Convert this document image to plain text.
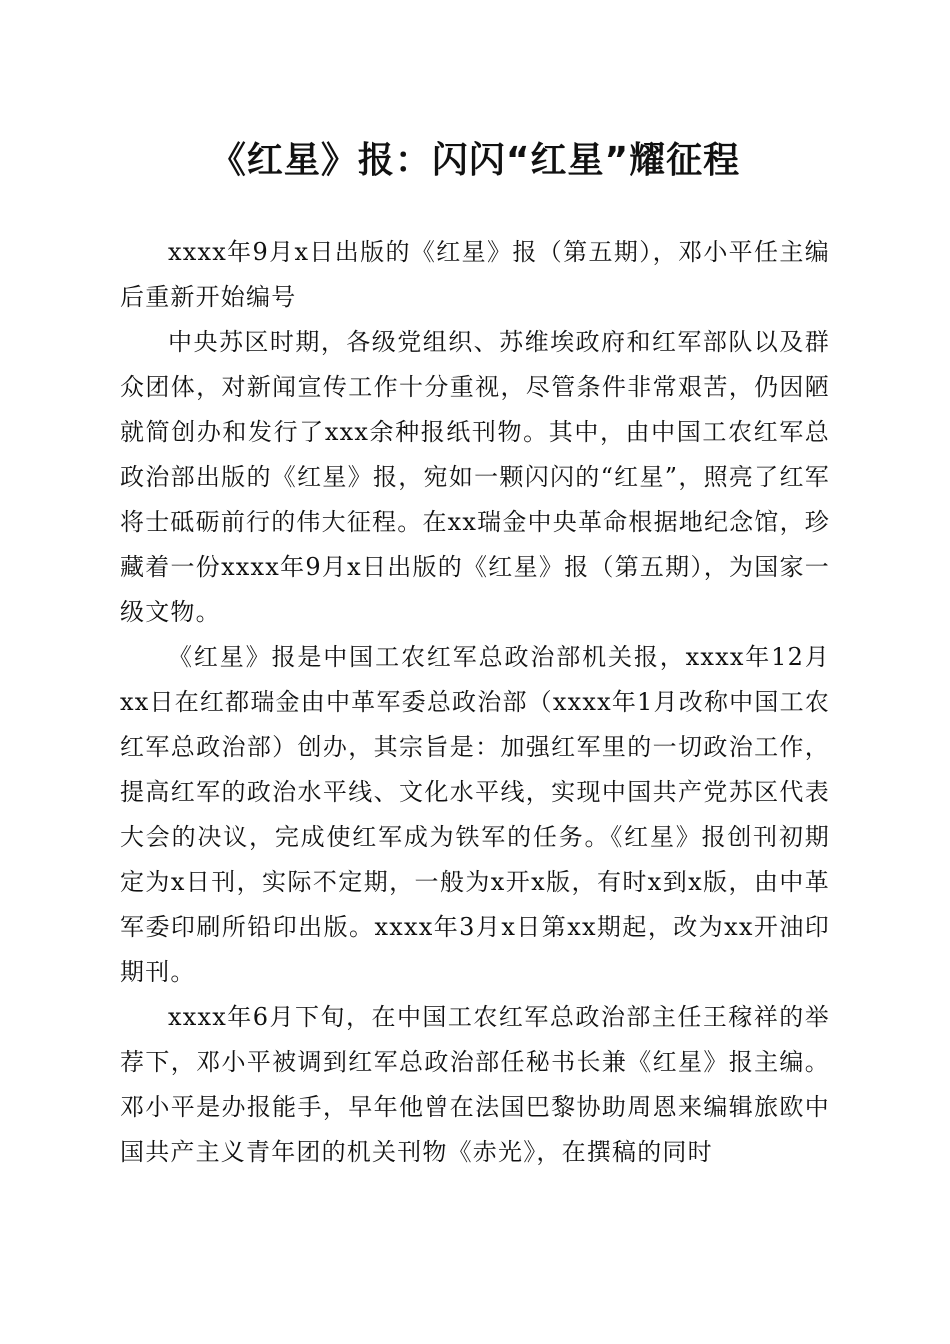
《红星》报：闪闪“红星”耀征程

xxxx年9月x日出版的《红星》报（第五期），邓小平任主编后重新开始编号

中央苏区时期，各级党组织、苏维埃政府和红军部队以及群众团体，对新闻宣传工作十分重视，尽管条件非常艰苦，仍因陋就简创办和发行了xxx余种报纸刊物。其中，由中国工农红军总政治部出版的《红星》报，宛如一颗闪闪的“红星”，照亮了红军将士砥砺前行的伟大征程。在xx瑞金中央革命根据地纪念馆，珍藏着一份xxxx年9月x日出版的《红星》报（第五期），为国家一级文物。

《红星》报是中国工农红军总政治部机关报，xxxx年12月xx日在红都瑞金由中革军委总政治部（xxxx年1月改称中国工农红军总政治部）创办，其宗旨是：加强红军里的一切政治工作，提高红军的政治水平线、文化水平线，实现中国共产党苏区代表大会的决议，完成使红军成为铁军的任务。《红星》报创刊初期定为x日刊，实际不定期，一般为x开x版，有时x到x版，由中革军委印刷所铅印出版。xxxx年3月x日第xx期起，改为xx开油印期刊。

xxxx年6月下旬，在中国工农红军总政治部主任王稼祥的举荐下，邓小平被调到红军总政治部任秘书长兼《红星》报主编。邓小平是办报能手，早年他曾在法国巴黎协助周恩来编辑旅欧中国共产主义青年团的机关刊物《赤光》，在撰稿的同时
